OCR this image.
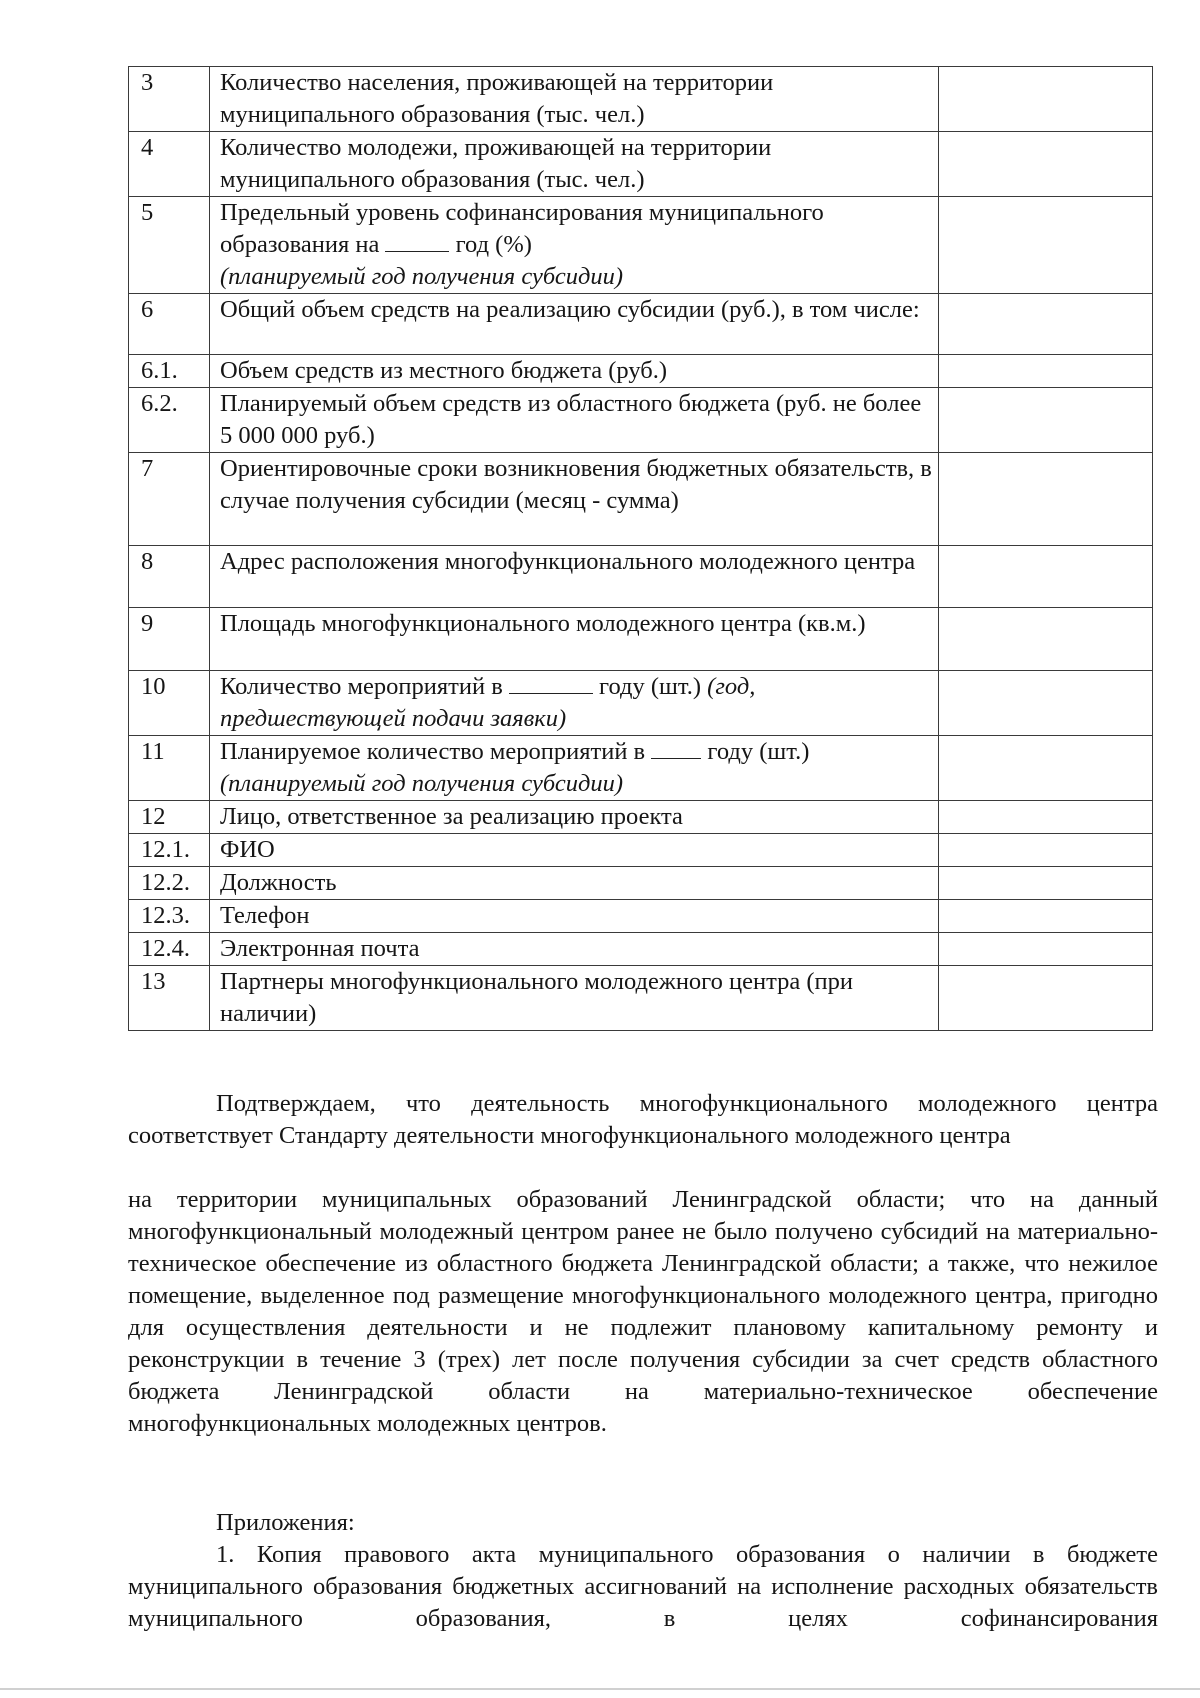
3	Количество населения, проживающей на территории муниципального образования (тыс. чел.)	
4	Количество молодежи, проживающей на территории муниципального образования (тыс. чел.)	
5	Предельный уровень софинансирования муниципального образования на год (%)
(планируемый год получения субсидии)	
6	Общий объем средств на реализацию субсидии (руб.), в том числе:	
6.1.	Объем средств из местного бюджета (руб.)	
6.2.	Планируемый объем средств из областного бюджета (руб. не более 5 000 000 руб.)	
7	Ориентировочные сроки возникновения бюджетных обязательств, в случае получения субсидии (месяц - сумма)	
8	Адрес расположения многофункционального молодежного центра	
9	Площадь многофункционального молодежного центра (кв.м.)	
10	Количество мероприятий в году (шт.) (год, предшествующей подачи заявки)	
11	Планируемое количество мероприятий в году (шт.)
(планируемый год получения субсидии)	
12	Лицо, ответственное за реализацию проекта	
12.1.	ФИО	
12.2.	Должность	
12.3.	Телефон	
12.4.	Электронная почта	
13	Партнеры многофункционального молодежного центра (при наличии)	

Подтверждаем, что деятельность многофункционального молодежного центра соответствует Стандарту деятельности многофункционального молодежного центра

на территории муниципальных образований Ленинградской области; что на данный многофункциональный молодежный центром ранее не было получено субсидий на материально-техническое обеспечение из областного бюджета Ленинградской области; а также, что нежилое помещение, выделенное под размещение многофункционального молодежного центра, пригодно для осуществления деятельности и не подлежит плановому капитальному ремонту и реконструкции в течение 3 (трех) лет после получения субсидии за счет средств областного бюджета Ленинградской области на материально-техническое обеспечение многофункциональных молодежных центров.

Приложения:

1. Копия правового акта муниципального образования о наличии в бюджете муниципального образования бюджетных ассигнований на исполнение расходных обязательств муниципального образования, в целях софинансирования
